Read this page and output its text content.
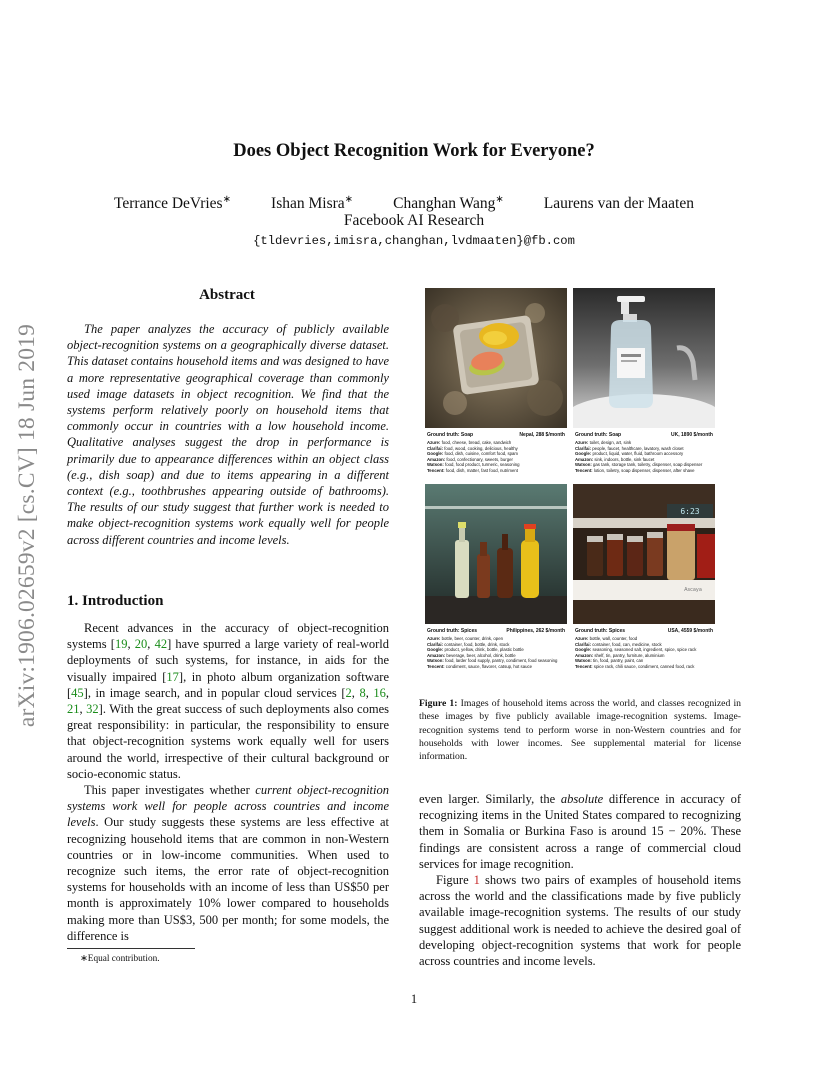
arXiv:1906.02659v2 [cs.CV] 18 Jun 2019
Does Object Recognition Work for Everyone?
Terrance DeVries∗	Ishan Misra∗	Changhan Wang∗	Laurens van der Maaten
Facebook AI Research
{tldevries,imisra,changhan,lvdmaaten}@fb.com
Abstract
The paper analyzes the accuracy of publicly available object-recognition systems on a geographically diverse dataset. This dataset contains household items and was designed to have a more representative geographical coverage than commonly used image datasets in object recognition. We find that the systems perform relatively poorly on household items that commonly occur in countries with a low household income. Qualitative analyses suggest the drop in performance is primarily due to appearance differences within an object class (e.g., dish soap) and due to items appearing in a different context (e.g., toothbrushes appearing outside of bathrooms). The results of our study suggest that further work is needed to make object-recognition systems work equally well for people across different countries and income levels.
1. Introduction

Recent advances in the accuracy of object-recognition systems [19, 20, 42] have spurred a large variety of real-world deployments of such systems, for instance, in aids for the visually impaired [17], in photo album organization software [45], in image search, and in popular cloud services [2, 8, 16, 21, 32]. With the great success of such deployments also comes great responsibility: in particular, the responsibility to ensure that object-recognition systems work equally well for users around the world, irrespective of their cultural background or socio-economic status.

This paper investigates whether current object-recognition systems work well for people across countries and income levels. Our study suggests these systems are less effective at recognizing household items that are common in non-Western countries or in low-income communities. When used to recognize such items, the error rate of object-recognition systems for households with an income of less than US$50 per month is approximately 10% lower compared to households making more than US$3, 500 per month; for some models, the difference is

∗Equal contribution.
Ground truth: Soap	Nepal, 288 $/month
Azure: food, cheese, bread, cake, sandwich
Clarifai: food, wood, cooking, delicious, healthy
Google: food, dish, cuisine, comfort food, spam
Amazon: food, confectionary, sweets, burger
Watson: food, food product, turmeric, seasoning
Tencent: food, dish, matter, fast food, nutriment
Ground truth: Soap	UK, 1890 $/month
Azure: toilet, design, art, sink
Clarifai: people, faucet, healthcare, lavatory, wash closet
Google: product, liquid, water, fluid, bathroom accessory
Amazon: sink, indoors, bottle, sink faucet
Watson: gas tank, storage tank, toiletry, dispenser, soap dispenser
Tencent: lotion, toiletry, soap dispenser, dispenser, after shave
Ground truth: Spices	Philippines, 262 $/month
Azure: bottle, beer, counter, drink, open
Clarifai: container, food, bottle, drink, stock
Google: product, yellow, drink, bottle, plastic bottle
Amazon: beverage, beer, alcohol, drink, bottle
Watson: food, larder food supply, pantry, condiment, food seasoning
Tencent: condiment, sauce, flavorer, catsup, hot sauce
6:23
Ascaya
Ground truth: Spices	USA, 4559 $/month
Azure: bottle, wall, counter, food
Clarifai: container, food, can, medicine, stock
Google: seasoning, seasoned salt, ingredient, spice, spice rack
Amazon: shelf, tin, pantry, furniture, aluminium
Watson: tin, food, pantry, paint, can
Tencent: spice rack, chili sauce, condiment, canned food, rack
Figure 1: Images of household items across the world, and classes recognized in these images by five publicly available image-recognition systems. Image-recognition systems tend to perform worse in non-Western countries and for households with lower incomes. See supplemental material for license information.

even larger. Similarly, the absolute difference in accuracy of recognizing items in the United States compared to recognizing them in Somalia or Burkina Faso is around 15 − 20%. These findings are consistent across a range of commercial cloud services for image recognition.

Figure 1 shows two pairs of examples of household items across the world and the classifications made by five publicly available image-recognition systems. The results of our study suggest additional work is needed to achieve the desired goal of developing object-recognition systems that work for people across countries and income levels.

1
